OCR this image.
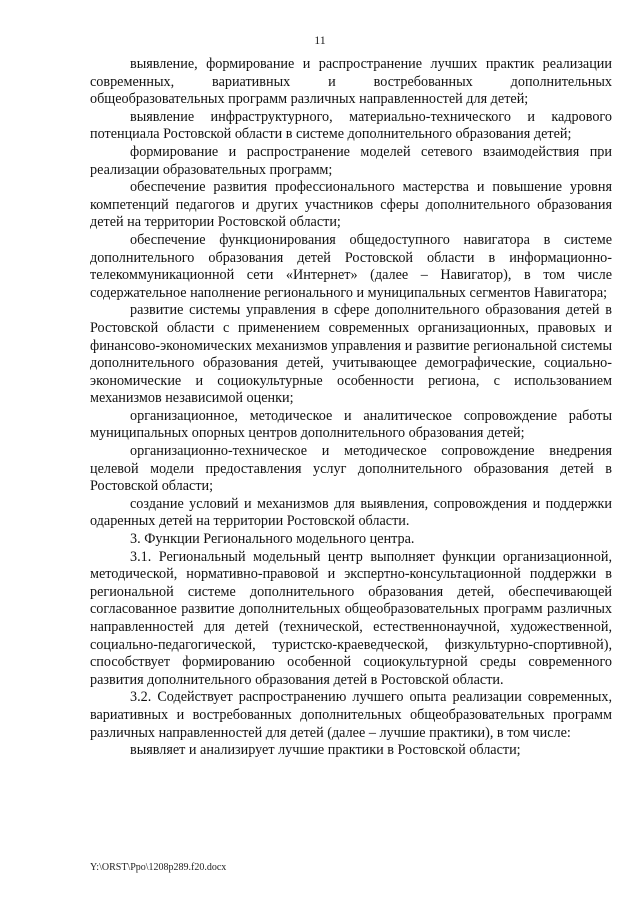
11

выявление, формирование и распространение лучших практик реализации современных, вариативных и востребованных дополнительных общеобразовательных программ различных направленностей для детей;

выявление инфраструктурного, материально-технического и кадрового потенциала Ростовской области в системе дополнительного образования детей;

формирование и распространение моделей сетевого взаимодействия при реализации образовательных программ;

обеспечение развития профессионального мастерства и повышение уровня компетенций педагогов и других участников сферы дополнительного образования детей на территории Ростовской области;

обеспечение функционирования общедоступного навигатора в системе дополнительного образования детей Ростовской области в информационно-телекоммуникационной сети «Интернет» (далее – Навигатор), в том числе содержательное наполнение регионального и муниципальных сегментов Навигатора;

развитие системы управления в сфере дополнительного образования детей в Ростовской области с применением современных организационных, правовых и финансово-экономических механизмов управления и развитие региональной системы дополнительного образования детей, учитывающее демографические, социально-экономические и социокультурные особенности региона, с использованием механизмов независимой оценки;

организационное, методическое и аналитическое сопровождение работы муниципальных опорных центров дополнительного образования детей;

организационно-техническое и методическое сопровождение внедрения целевой модели предоставления услуг дополнительного образования детей в Ростовской области;

создание условий и механизмов для выявления, сопровождения и поддержки одаренных детей на территории Ростовской области.

3. Функции Регионального модельного центра.

3.1. Региональный модельный центр выполняет функции организационной, методической, нормативно-правовой и экспертно-консультационной поддержки в региональной системе дополнительного образования детей, обеспечивающей согласованное развитие дополнительных общеобразовательных программ различных направленностей для детей (технической, естественнонаучной, художественной, социально-педагогической, туристско-краеведческой, физкультурно-спортивной), способствует формированию особенной социокультурной среды современного развития дополнительного образования детей в Ростовской области.

3.2. Содействует распространению лучшего опыта реализации современных, вариативных и востребованных дополнительных общеобразовательных программ различных направленностей для детей (далее – лучшие практики), в том числе:

выявляет и анализирует лучшие практики в Ростовской области;

Y:\ORST\Ppo\1208p289.f20.docx
